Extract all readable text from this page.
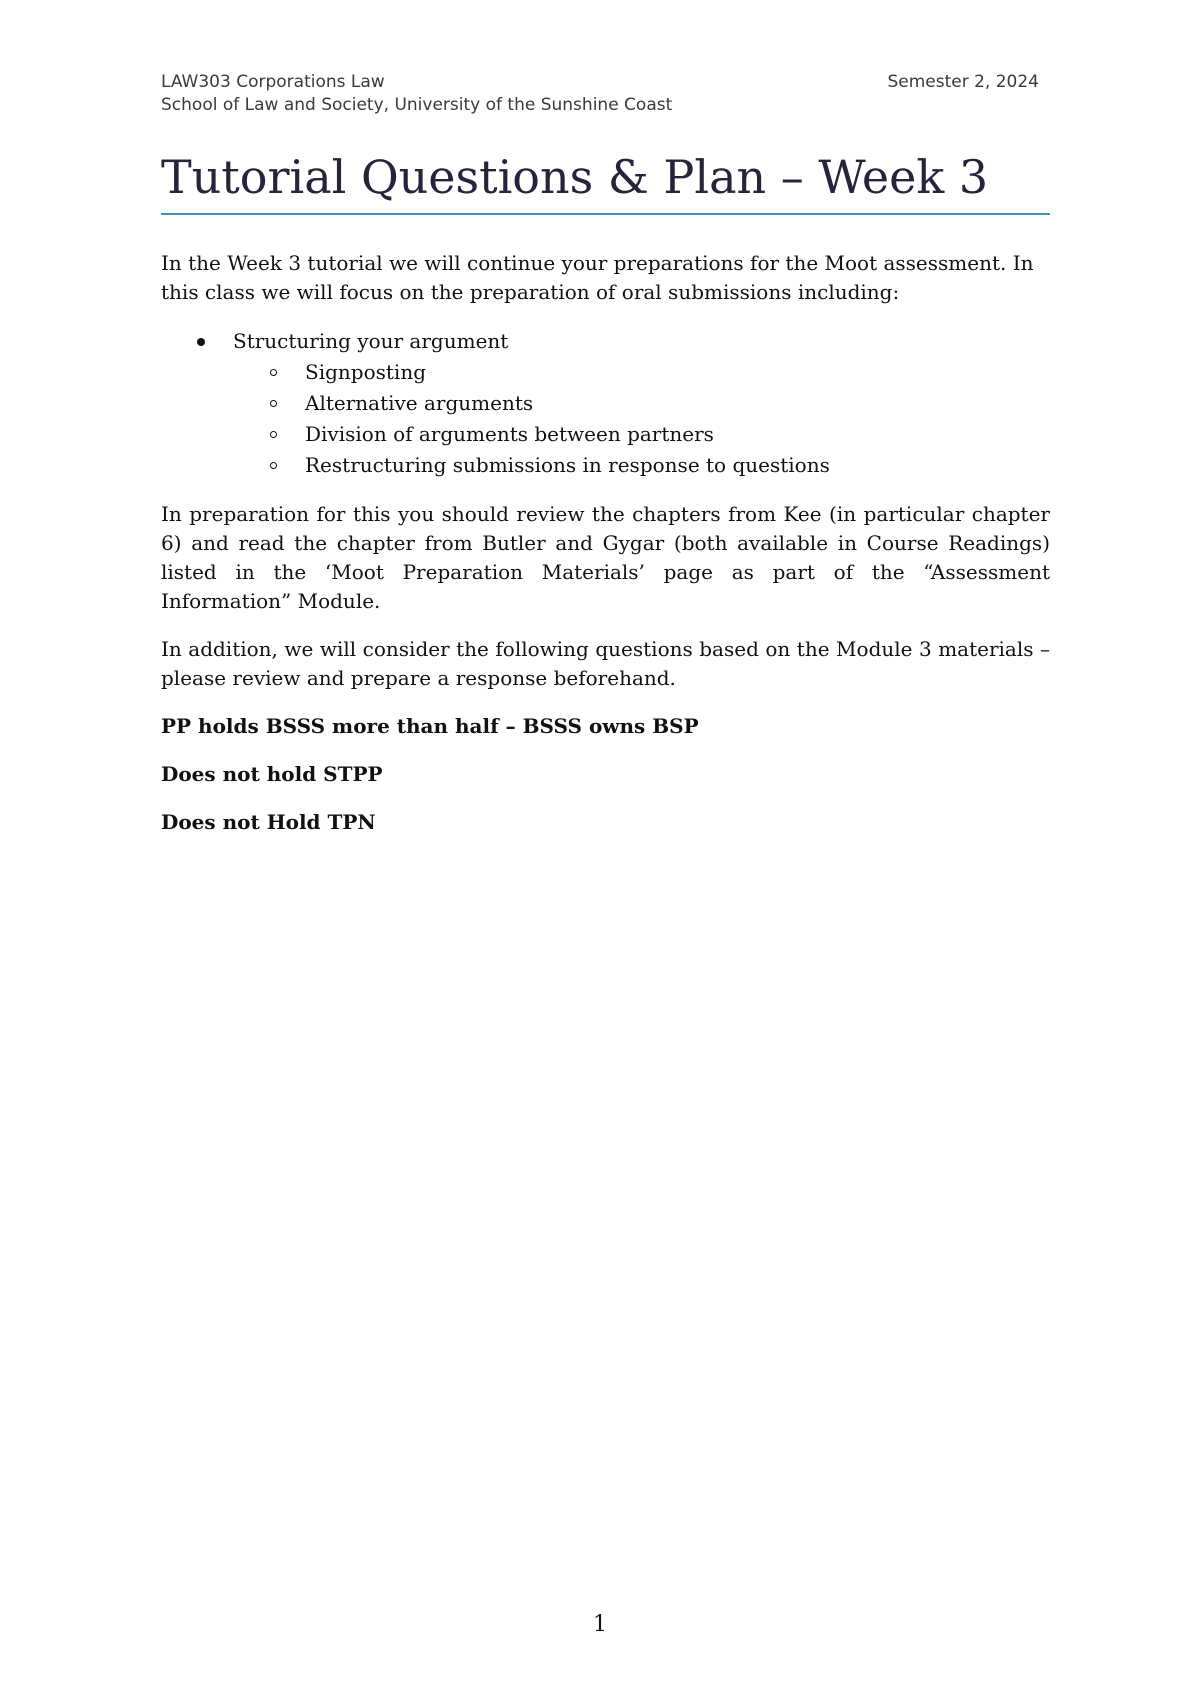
LAW303 Corporations Law
School of Law and Society, University of the Sunshine Coast
Semester 2, 2024
Tutorial Questions & Plan – Week 3

In the Week 3 tutorial we will continue your preparations for the Moot assessment. In this class we will focus on the preparation of oral submissions including:

Structuring your argument
Signposting
Alternative arguments
Division of arguments between partners
Restructuring submissions in response to questions

In preparation for this you should review the chapters from Kee (in particular chapter 6) and read the chapter from Butler and Gygar (both available in Course Readings) listed in the ‘Moot Preparation Materials’ page as part of the “Assessment Information” Module.

In addition, we will consider the following questions based on the Module 3 materials – please review and prepare a response beforehand.

PP holds BSSS more than half – BSSS owns BSP

Does not hold STPP

Does not Hold TPN

1
